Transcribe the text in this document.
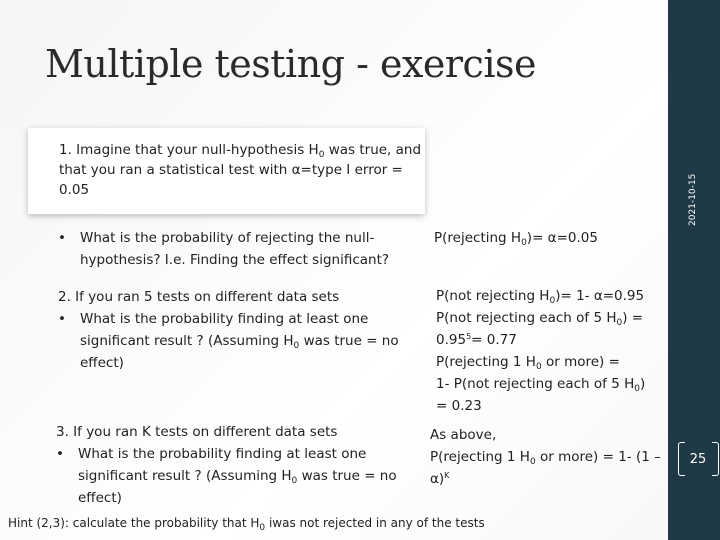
Multiple testing - exercise
1. Imagine that your null-hypothesis $H_0$ was true, and that you ran a statistical test with α=type I error = 0.05
• What is the probability of rejecting the null-hypothesis? I.e. Finding the effect significant?
P(rejecting $H_0)= \alpha=0.05$
2. If you ran 5 tests on different data sets
• What is the probability finding at least one significant result ? (Assuming $H_0$ was true = no effect)
P(not rejecting $H_0)= 1-$ α=0.95
P(not rejecting each of 5 $H_0) = 0.95^5= 0.77$
P(rejecting 1 $H_0$ or more) =
1- P(not rejecting each of 5 $H_0$)
= 0.23
3. If you ran K tests on different data sets
• What is the probability finding at least one significant result ? (Assuming $H_0$ was true = no effect)
As above,
P(rejecting 1 $H_0$ or more) = 1- (1 – α)$^K$
Hint (2,3): calculate the probability that $H_0$ iwas not rejected in any of the tests
2021-10-15
25
